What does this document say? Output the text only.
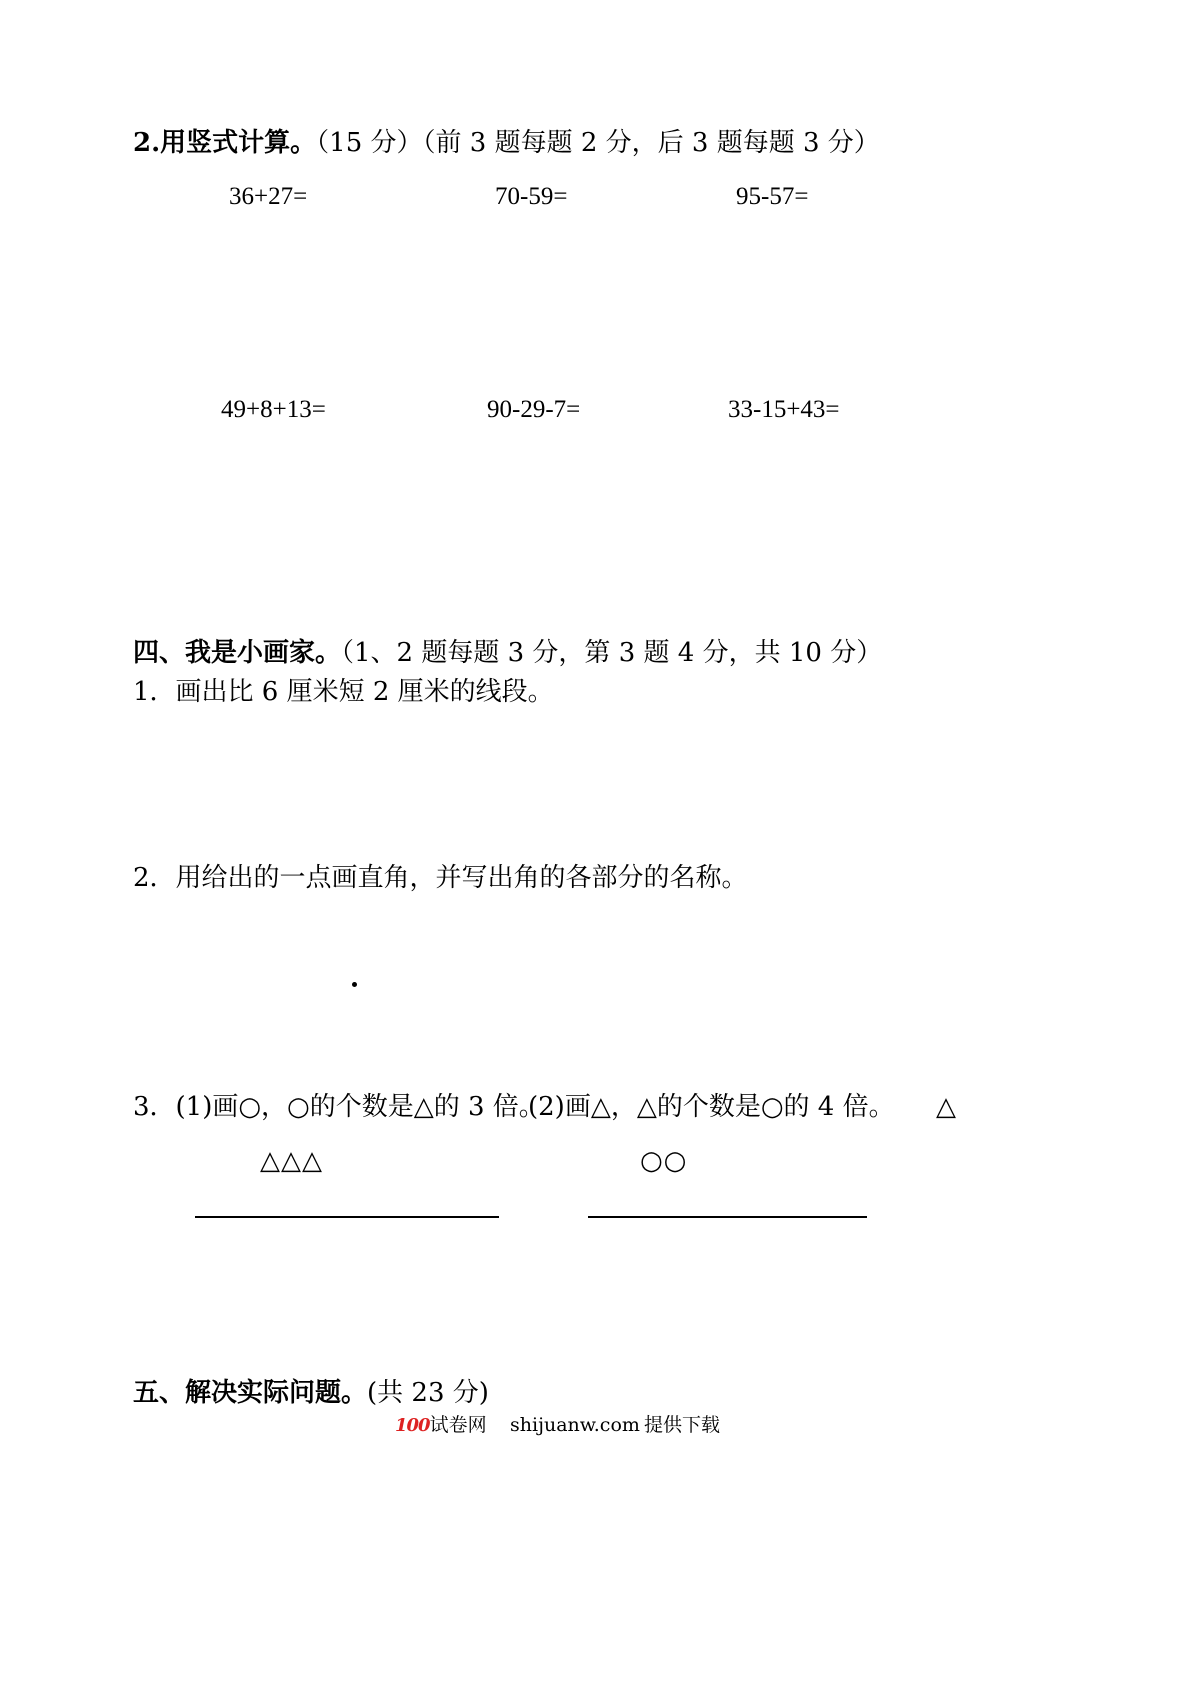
2.用竖式计算。（15 分）（前 3 题每题 2 分，后 3 题每题 3 分）
36+27=	70-59=	95-57=
49+8+13=	90-29-7=	33-15+43=
四、我是小画家。（1、2 题每题 3 分，第 3 题 4 分，共 10 分）
1．画出比 6 厘米短 2 厘米的线段。
2．用给出的一点画直角，并写出角的各部分的名称。
3．(1)画○，○的个数是△的 3 倍。
(2)画△，△的个数是○的 4 倍。 △
△△△	○○
五、解决实际问题。(共 23 分)
100试卷网 shijuanw.com 提供下载
